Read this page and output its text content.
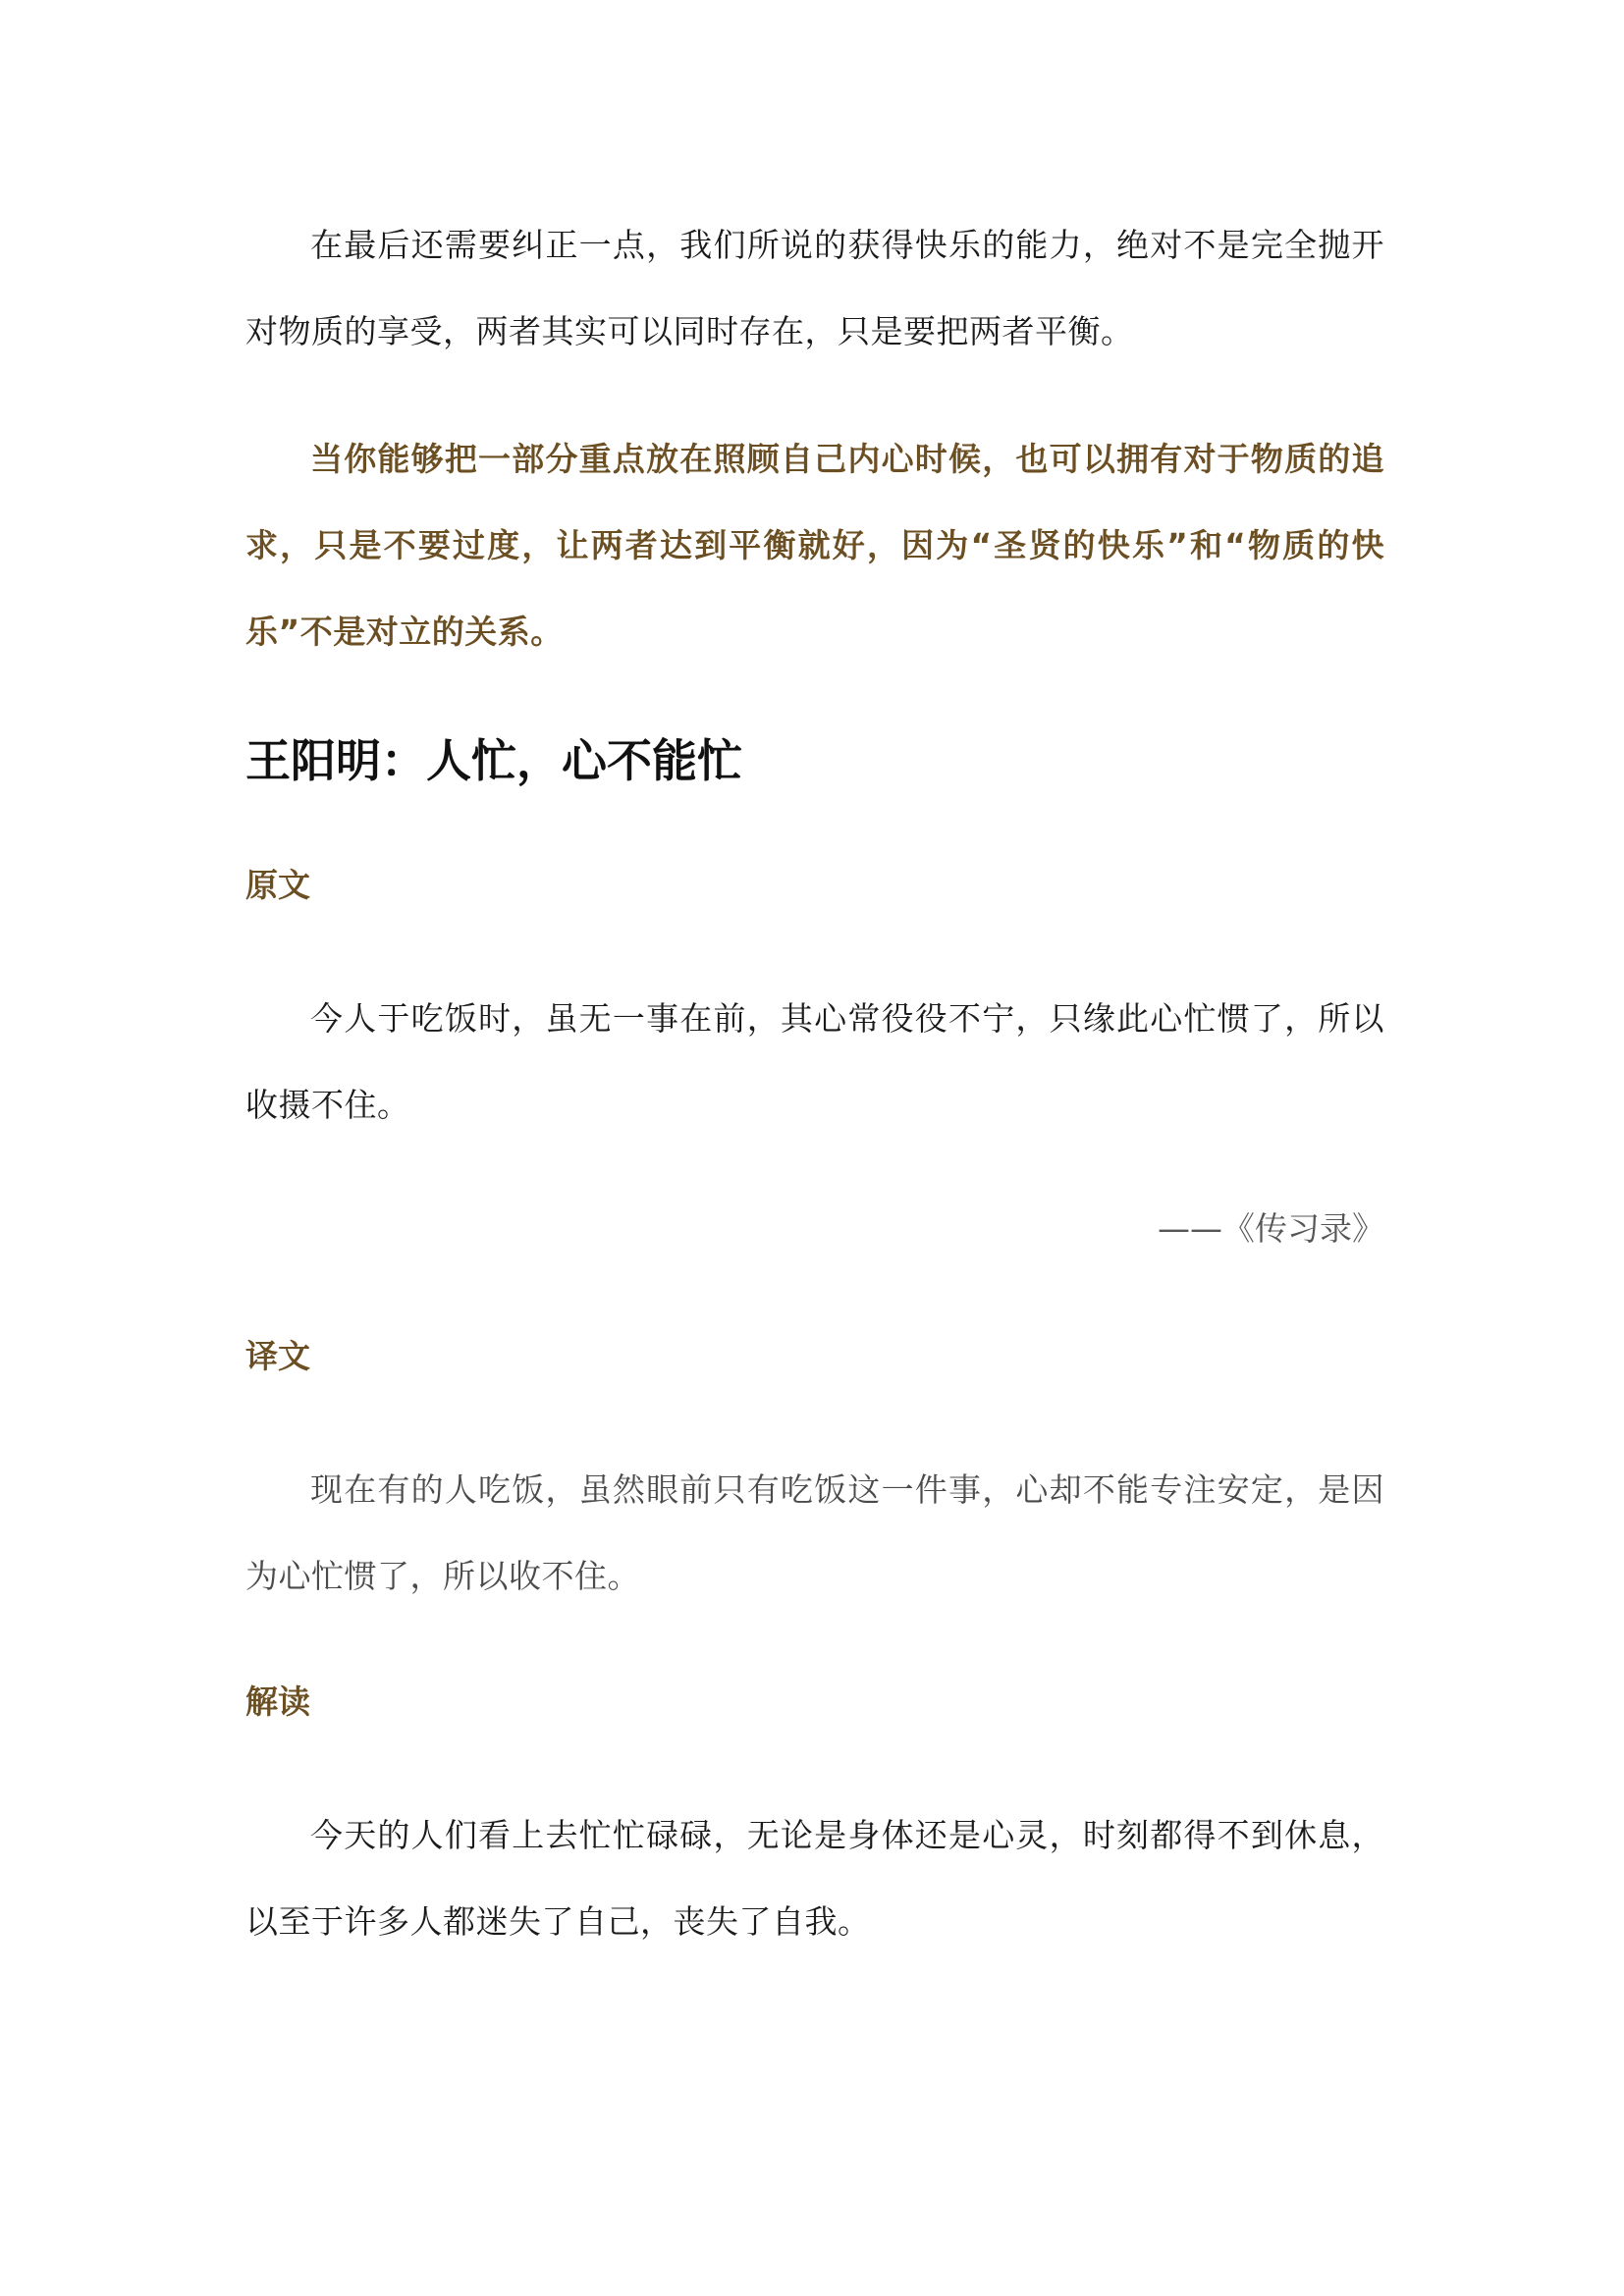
在最后还需要纠正一点，我们所说的获得快乐的能力，绝对不是完全抛开对物质的享受，两者其实可以同时存在，只是要把两者平衡。

当你能够把一部分重点放在照顾自己内心时候，也可以拥有对于物质的追求，只是不要过度，让两者达到平衡就好，因为“圣贤的快乐”和“物质的快乐”不是对立的关系。

王阳明：人忙，心不能忙
原文

今人于吃饭时，虽无一事在前，其心常役役不宁，只缘此心忙惯了，所以收摄不住。

——《传习录》

译文

现在有的人吃饭，虽然眼前只有吃饭这一件事，心却不能专注安定，是因为心忙惯了，所以收不住。

解读

今天的人们看上去忙忙碌碌，无论是身体还是心灵，时刻都得不到休息，以至于许多人都迷失了自己，丧失了自我。
